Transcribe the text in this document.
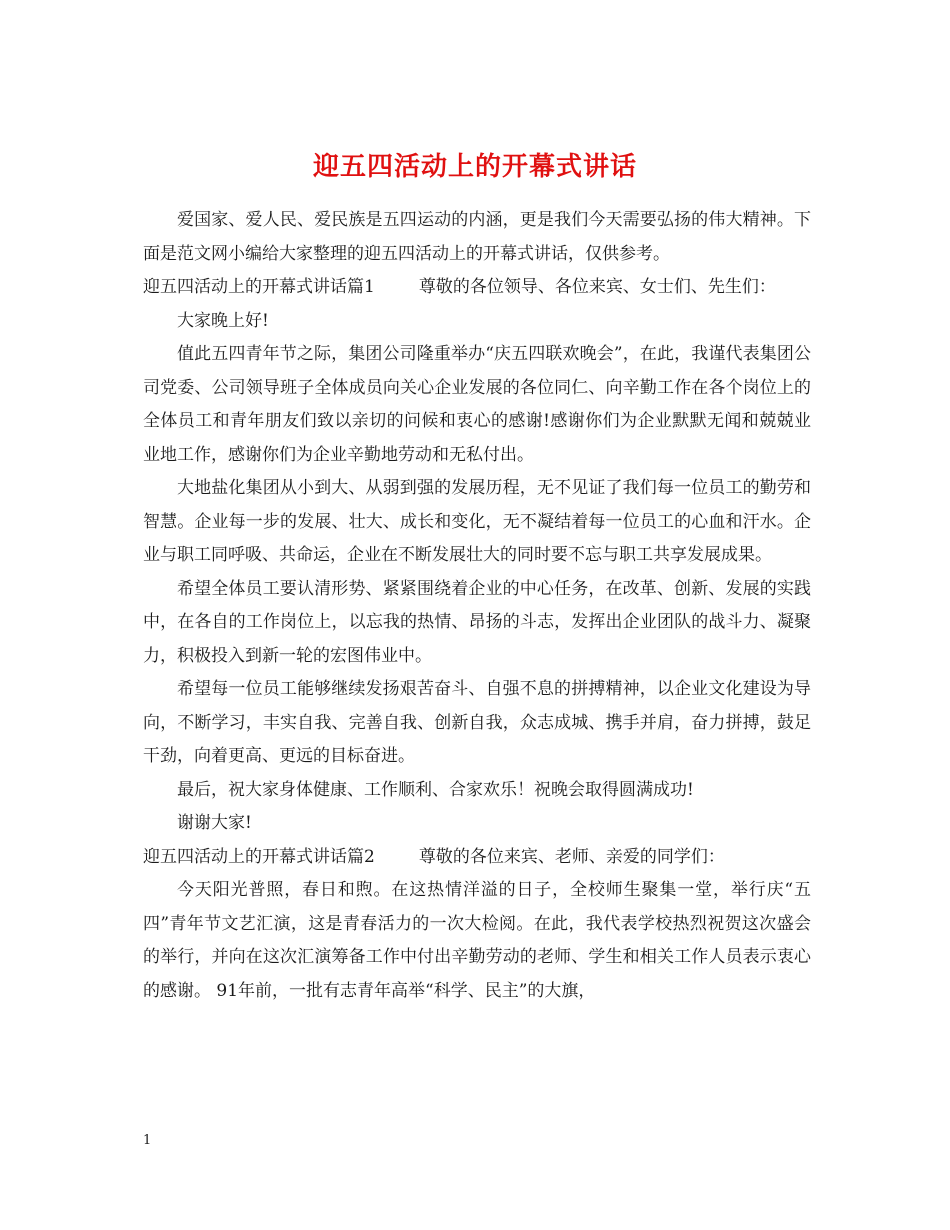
迎五四活动上的开幕式讲话

爱国家、爱人民、爱民族是五四运动的内涵，更是我们今天需要弘扬的伟大精神。下面是范文网小编给大家整理的迎五四活动上的开幕式讲话，仅供参考。

迎五四活动上的开幕式讲话篇1	尊敬的各位领导、各位来宾、女士们、先生们：

大家晚上好!

值此五四青年节之际，集团公司隆重举办“庆五四联欢晚会”，在此，我谨代表集团公司党委、公司领导班子全体成员向关心企业发展的各位同仁、向辛勤工作在各个岗位上的全体员工和青年朋友们致以亲切的问候和衷心的感谢!感谢你们为企业默默无闻和兢兢业业地工作，感谢你们为企业辛勤地劳动和无私付出。

大地盐化集团从小到大、从弱到强的发展历程，无不见证了我们每一位员工的勤劳和智慧。企业每一步的发展、壮大、成长和变化，无不凝结着每一位员工的心血和汗水。企业与职工同呼吸、共命运，企业在不断发展壮大的同时要不忘与职工共享发展成果。

希望全体员工要认清形势、紧紧围绕着企业的中心任务，在改革、创新、发展的实践中，在各自的工作岗位上，以忘我的热情、昂扬的斗志，发挥出企业团队的战斗力、凝聚力，积极投入到新一轮的宏图伟业中。

希望每一位员工能够继续发扬艰苦奋斗、自强不息的拼搏精神，以企业文化建设为导向，不断学习，丰实自我、完善自我、创新自我，众志成城、携手并肩，奋力拼搏，鼓足干劲，向着更高、更远的目标奋进。

最后，祝大家身体健康、工作顺利、合家欢乐！祝晚会取得圆满成功!

谢谢大家!

迎五四活动上的开幕式讲话篇2	尊敬的各位来宾、老师、亲爱的同学们：

今天阳光普照，春日和煦。在这热情洋溢的日子，全校师生聚集一堂，举行庆“五四”青年节文艺汇演，这是青春活力的一次大检阅。在此，我代表学校热烈祝贺这次盛会的举行，并向在这次汇演筹备工作中付出辛勤劳动的老师、学生和相关工作人员表示衷心的感谢。 91年前，一批有志青年高举“科学、民主”的大旗，

1
